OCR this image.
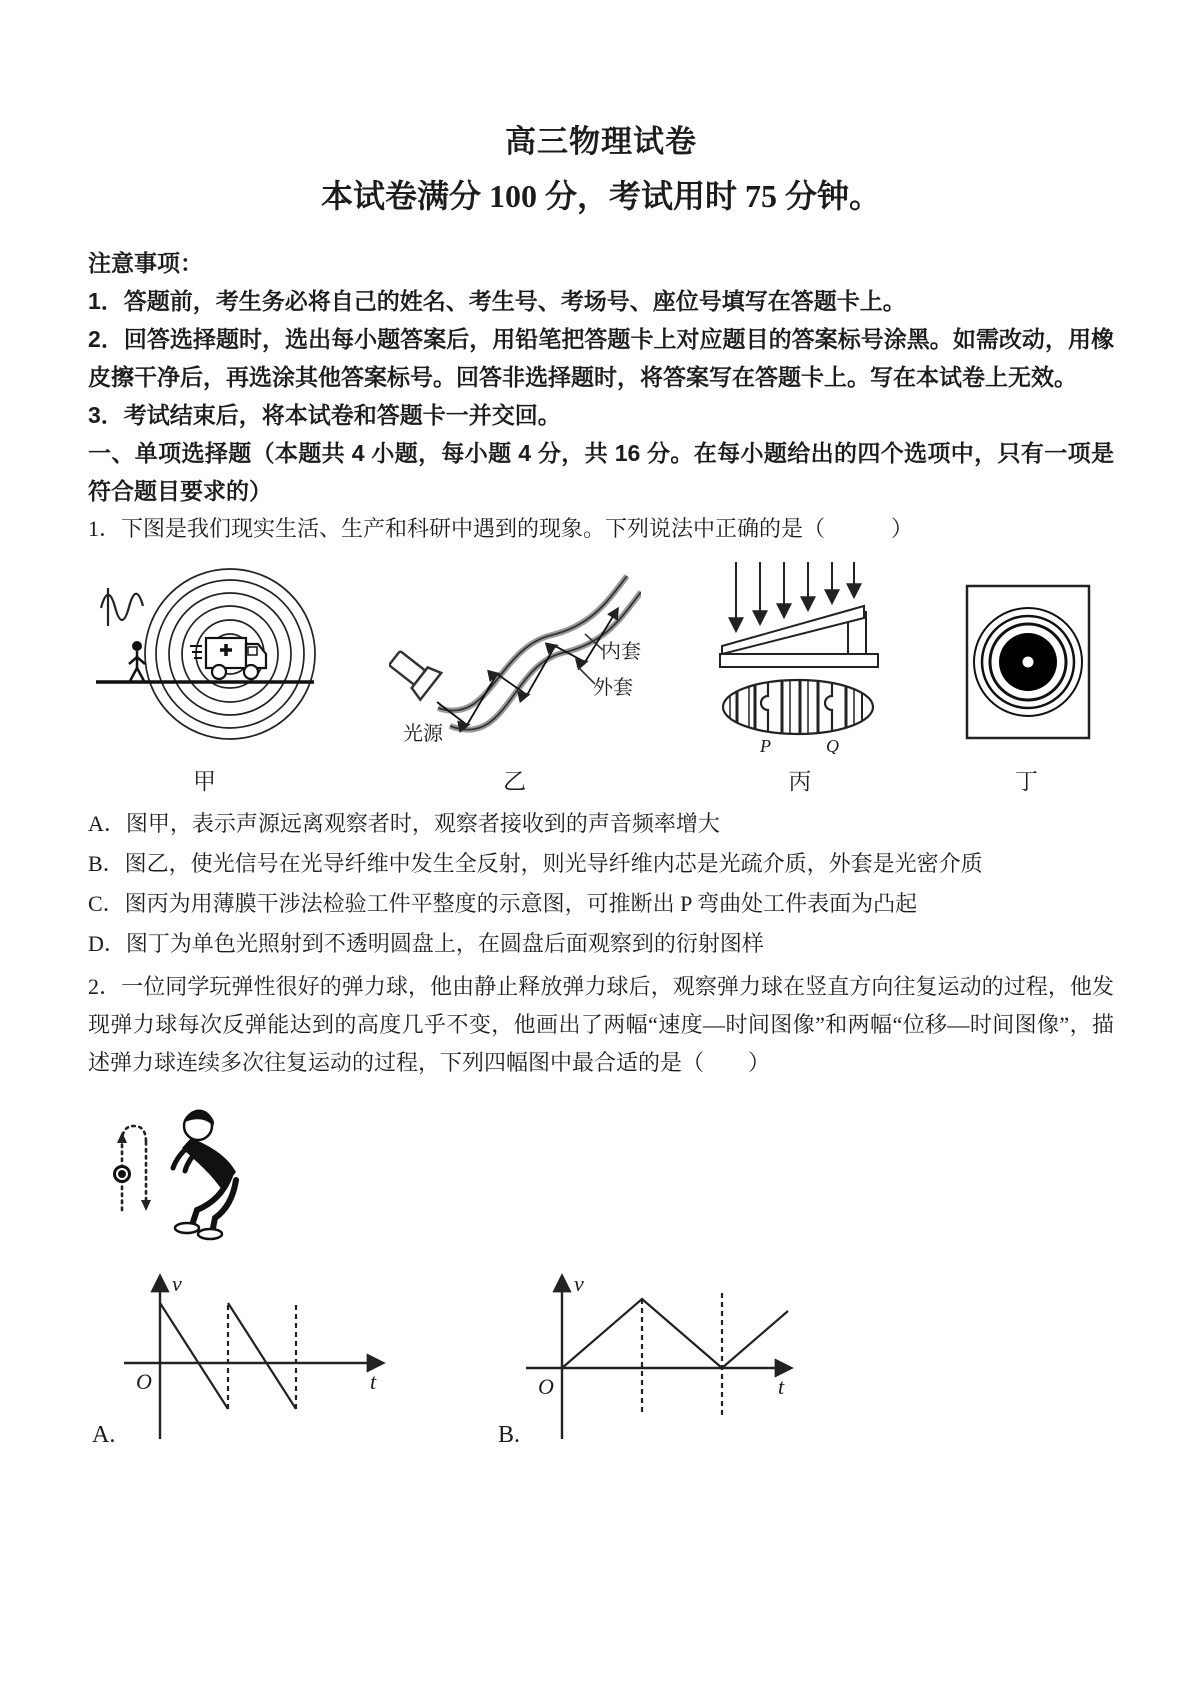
高三物理试卷
本试卷满分 100 分，考试用时 75 分钟。

注意事项：

1．答题前，考生务必将自己的姓名、考生号、考场号、座位号填写在答题卡上。

2．回答选择题时，选出每小题答案后，用铅笔把答题卡上对应题目的答案标号涂黑。如需改动，用橡皮擦干净后，再选涂其他答案标号。回答非选择题时，将答案写在答题卡上。写在本试卷上无效。

3．考试结束后，将本试卷和答题卡一并交回。

一、单项选择题（本题共 4 小题，每小题 4 分，共 16 分。在每小题给出的四个选项中，只有一项是符合题目要求的）

1．下图是我们现实生活、生产和科研中遇到的现象。下列说法中正确的是（　　　）

甲
光源
内套
外套
乙
P	Q
丙	丁

A．图甲，表示声源远离观察者时，观察者接收到的声音频率增大

B．图乙，使光信号在光导纤维中发生全反射，则光导纤维内芯是光疏介质，外套是光密介质

C．图丙为用薄膜干涉法检验工件平整度的示意图，可推断出 P 弯曲处工件表面为凸起

D．图丁为单色光照射到不透明圆盘上，在圆盘后面观察到的衍射图样

2．一位同学玩弹性很好的弹力球，他由静止释放弹力球后，观察弹力球在竖直方向往复运动的过程，他发现弹力球每次反弹能达到的高度几乎不变，他画出了两幅“速度—时间图像”和两幅“位移—时间图像”，描述弹力球连续多次往复运动的过程，下列四幅图中最合适的是（　　）

v
t
O
A.
v
t
O
B.
